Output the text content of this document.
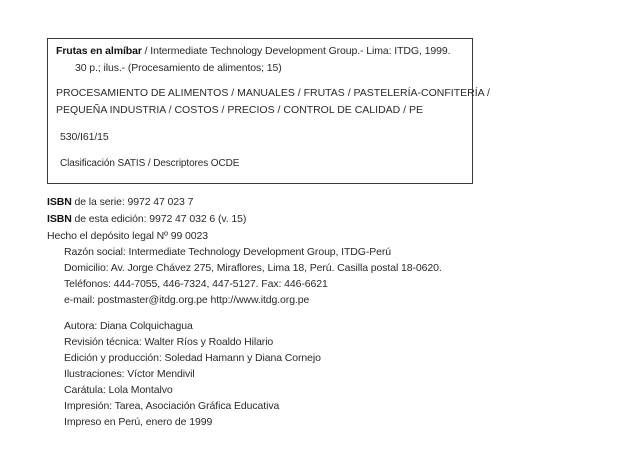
Frutas en almíbar / Intermediate Technology Development Group.- Lima: ITDG, 1999.
30 p.; ilus.- (Procesamiento de alimentos; 15)
PROCESAMIENTO DE ALIMENTOS / MANUALES / FRUTAS / PASTELERÍA-CONFITERÍA /
PEQUEÑA INDUSTRIA / COSTOS / PRECIOS / CONTROL DE CALIDAD / PE
530/I61/15
Clasificación SATIS / Descriptores OCDE
ISBN de la serie: 9972 47 023 7
ISBN de esta edición: 9972 47 032 6 (v. 15)
Hecho el depósito legal Nº 99 0023
Razón social: Intermediate Technology Development Group, ITDG-Perú
Domicilio: Av. Jorge Chávez 275, Miraflores, Lima 18, Perú. Casilla postal 18-0620.
Teléfonos: 444-7055, 446-7324, 447-5127. Fax: 446-6621
e-mail: postmaster@itdg.org.pe http://www.itdg.org.pe
Autora: Diana Colquichagua
Revisión técnica: Walter Ríos y Roaldo Hilario
Edición y producción: Soledad Hamann y Diana Cornejo
Ilustraciones: Víctor Mendivil
Carátula: Lola Montalvo
Impresión: Tarea, Asociación Gráfica Educativa
Impreso en Perú, enero de 1999
